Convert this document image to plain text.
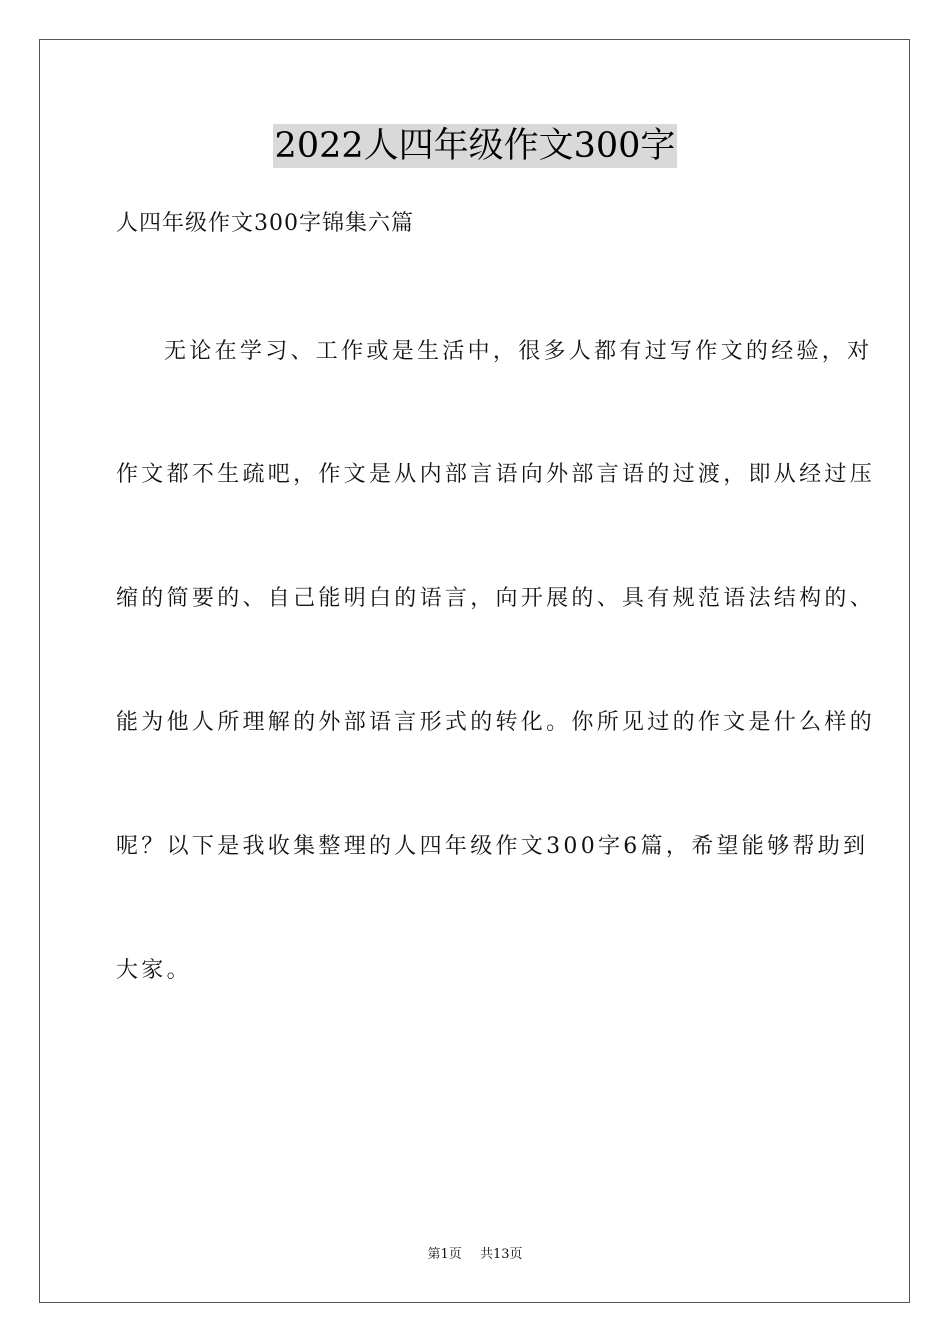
2022人四年级作文300字
人四年级作文300字锦集六篇
无论在学习、工作或是生活中，很多人都有过写作文的经验，对
作文都不生疏吧，作文是从内部言语向外部言语的过渡，即从经过压
缩的简要的、自己能明白的语言，向开展的、具有规范语法结构的、
能为他人所理解的外部语言形式的转化。你所见过的作文是什么样的
呢？以下是我收集整理的人四年级作文300字6篇，希望能够帮助到
大家。
第1页 共13页
